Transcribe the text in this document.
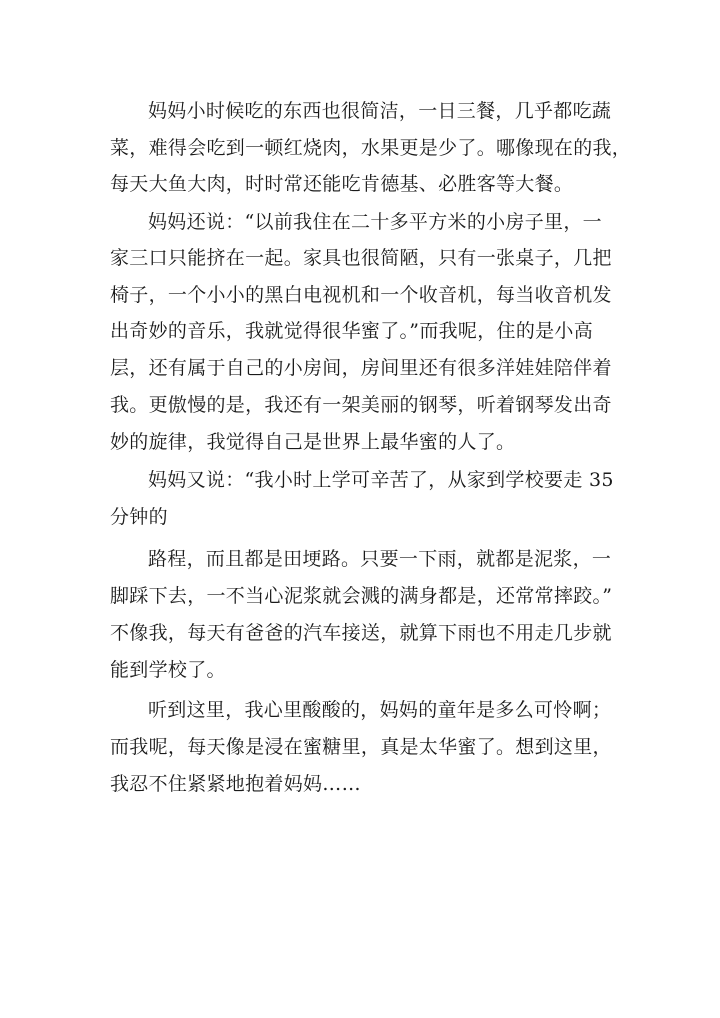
妈妈小时候吃的东西也很简洁，一日三餐，几乎都吃蔬
菜，难得会吃到一顿红烧肉，水果更是少了。哪像现在的我，
每天大鱼大肉，时时常还能吃肯德基、必胜客等大餐。
妈妈还说：“以前我住在二十多平方米的小房子里，一
家三口只能挤在一起。家具也很简陋，只有一张桌子，几把
椅子，一个小小的黑白电视机和一个收音机，每当收音机发
出奇妙的音乐，我就觉得很华蜜了。”而我呢，住的是小高
层，还有属于自己的小房间，房间里还有很多洋娃娃陪伴着
我。更傲慢的是，我还有一架美丽的钢琴，听着钢琴发出奇
妙的旋律，我觉得自己是世界上最华蜜的人了。
妈妈又说：“我小时上学可辛苦了，从家到学校要走 35
分钟的
路程，而且都是田埂路。只要一下雨，就都是泥浆，一
脚踩下去，一不当心泥浆就会溅的满身都是，还常常摔跤。”
不像我，每天有爸爸的汽车接送，就算下雨也不用走几步就
能到学校了。
听到这里，我心里酸酸的，妈妈的童年是多么可怜啊；
而我呢，每天像是浸在蜜糖里，真是太华蜜了。想到这里，
我忍不住紧紧地抱着妈妈……
